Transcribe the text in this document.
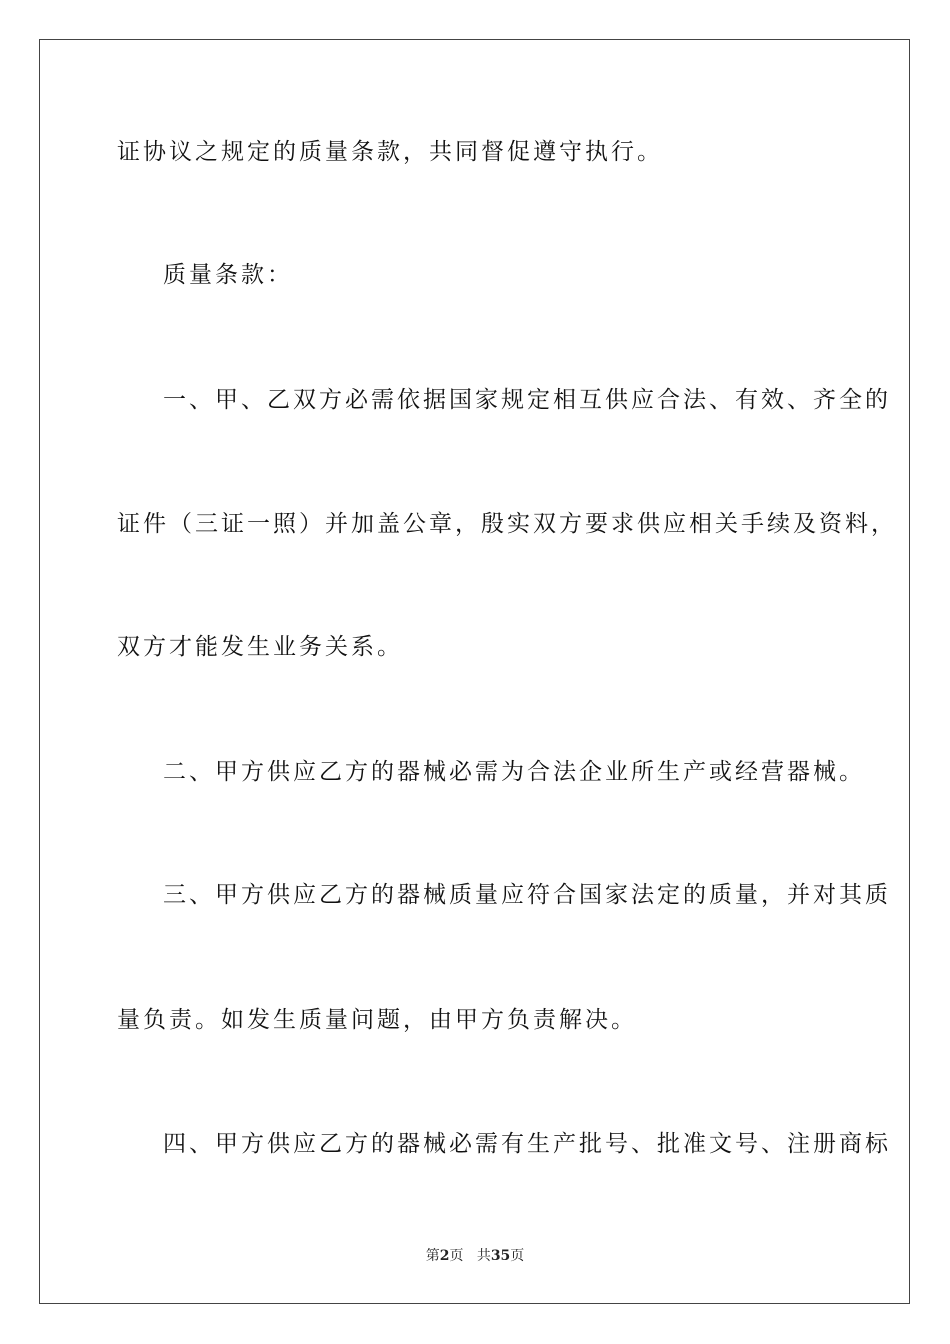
证协议之规定的质量条款，共同督促遵守执行。

质量条款：

一、甲、乙双方必需依据国家规定相互供应合法、有效、齐全的

证件（三证一照）并加盖公章，殷实双方要求供应相关手续及资料，

双方才能发生业务关系。

二、甲方供应乙方的器械必需为合法企业所生产或经营器械。

三、甲方供应乙方的器械质量应符合国家法定的质量，并对其质

量负责。如发生质量问题，由甲方负责解决。

四、甲方供应乙方的器械必需有生产批号、批准文号、注册商标

第2页 共35页
